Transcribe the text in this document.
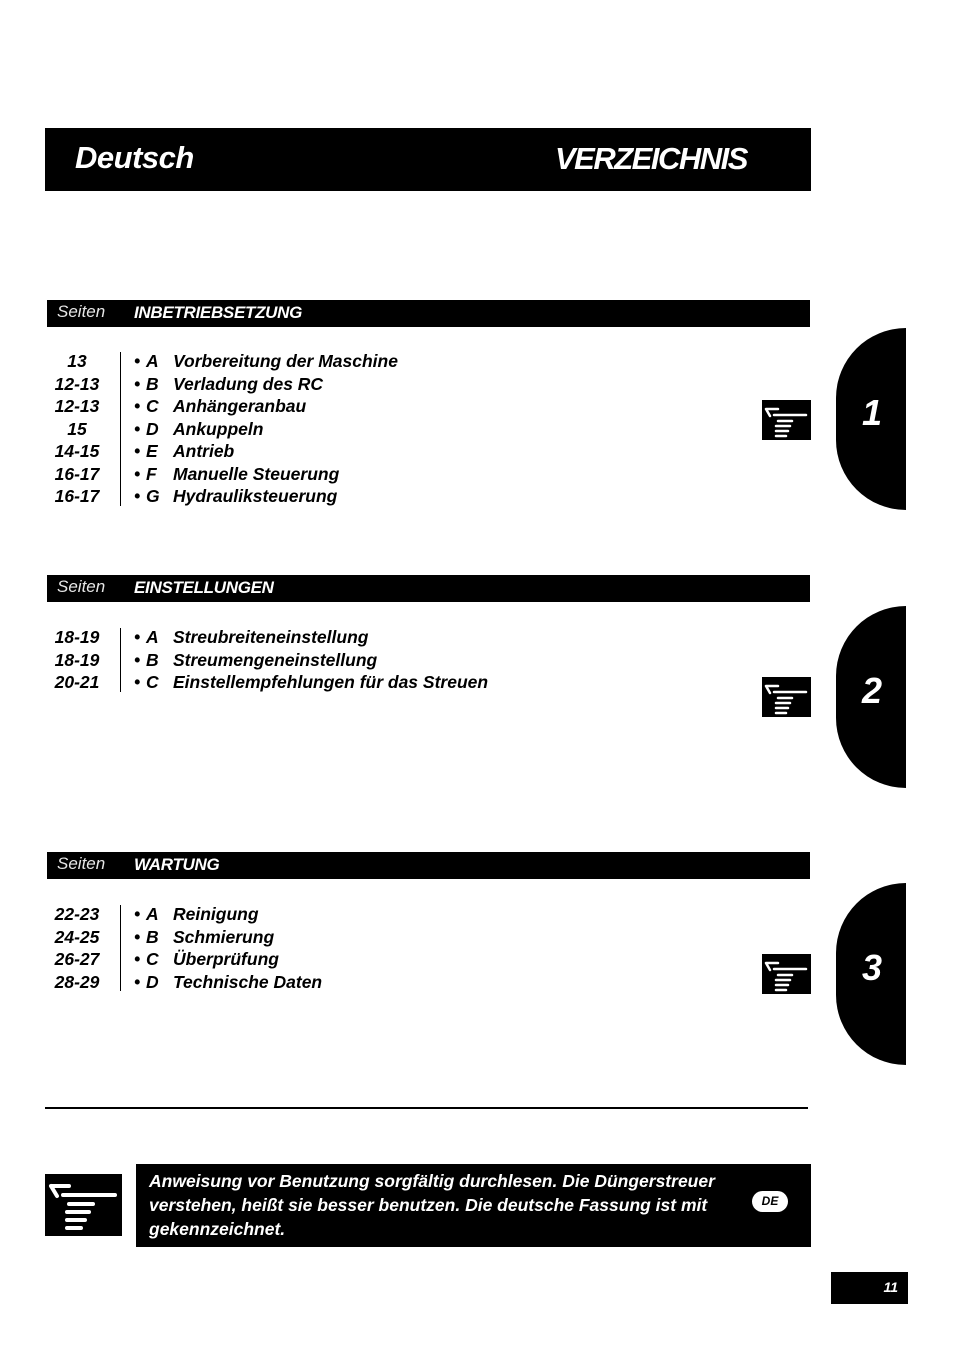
Deutsch	VERZEICHNIS
Seiten INBETRIEBSETZUNG
13	• A Vorbereitung der Maschine
12-13	• B Verladung des RC
12-13	• C Anhängeranbau
15	• D Ankuppeln
14-15	• E Antrieb
16-17	• F Manuelle Steuerung
16-17	• G Hydrauliksteuerung
1
Seiten EINSTELLUNGEN
18-19	• A Streubreiteneinstellung
18-19	• B Streumengeneinstellung
20-21	• C Einstellempfehlungen für das Streuen	2
Seiten WARTUNG
22-23	• A Reinigung
24-25	• B Schmierung
26-27	• C Überprüfung
28-29	• D Technische Daten	3
Anweisung vor Benutzung sorgfältig durchlesen. Die Düngerstreuer
verstehen, heißt sie besser benutzen. Die deutsche Fassung ist mit
gekennzeichnet.
DE
11
